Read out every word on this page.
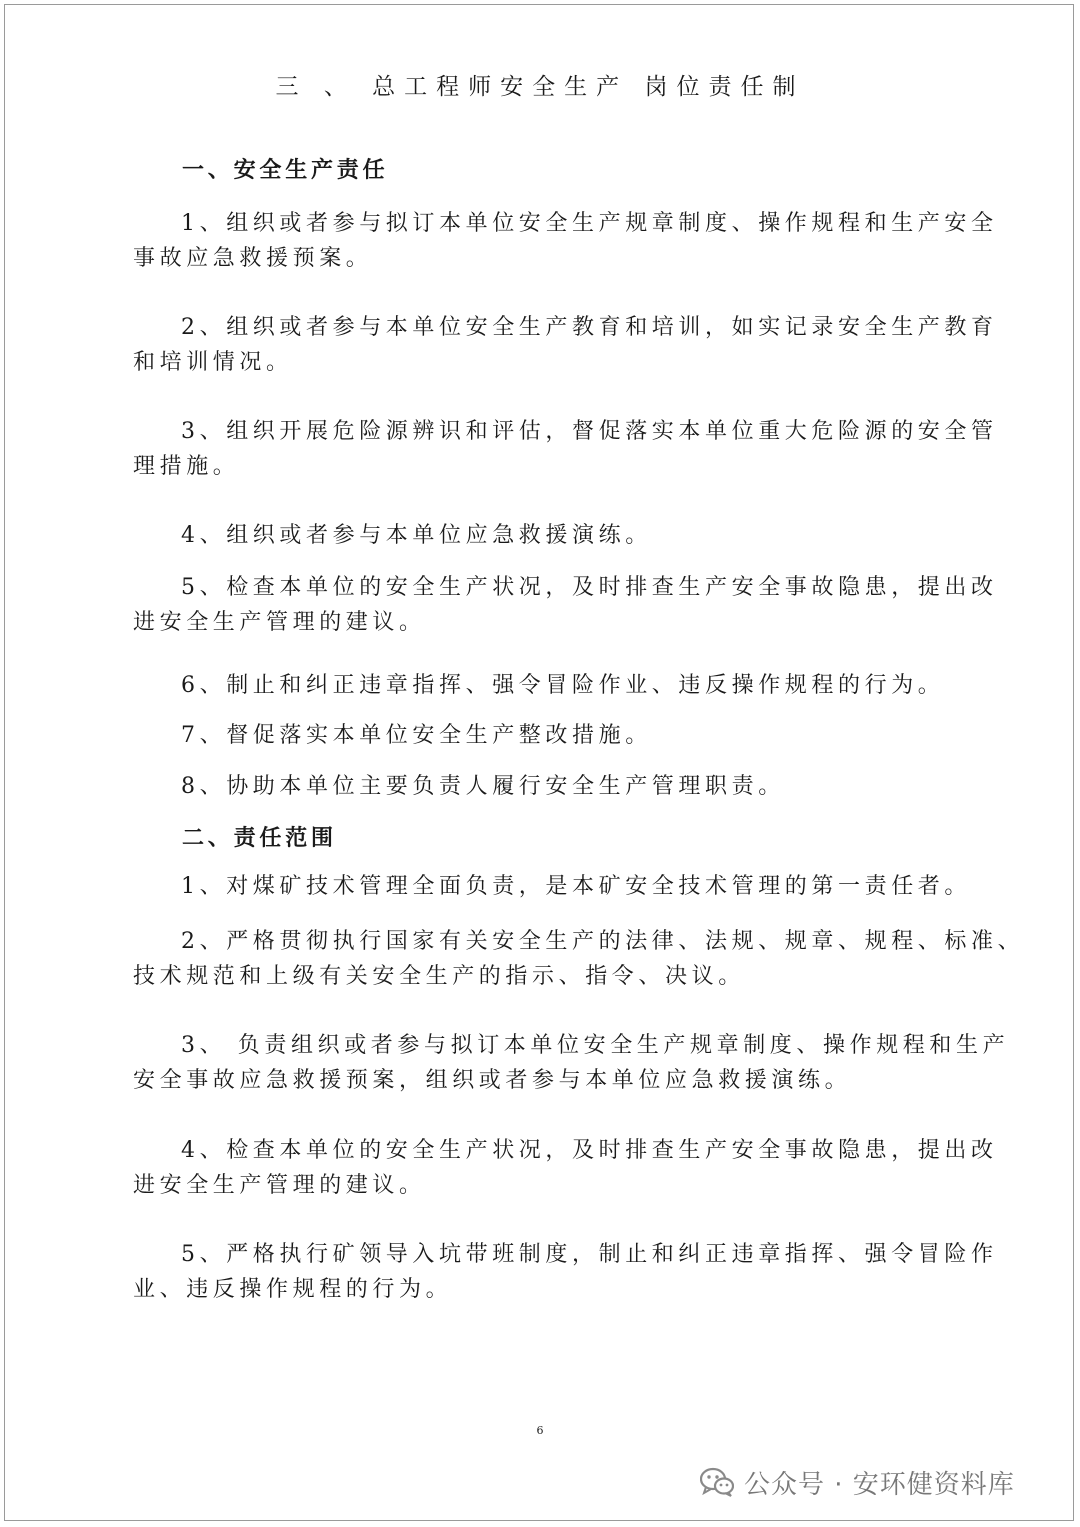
三 、 总工程师安全生产 岗位责任制
一、安全生产责任
1、组织或者参与拟订本单位安全生产规章制度、操作规程和生产安全
事故应急救援预案。
2、组织或者参与本单位安全生产教育和培训，如实记录安全生产教育
和培训情况。
3、组织开展危险源辨识和评估，督促落实本单位重大危险源的安全管
理措施。
4、组织或者参与本单位应急救援演练。
5、检查本单位的安全生产状况，及时排查生产安全事故隐患，提出改
进安全生产管理的建议。
6、制止和纠正违章指挥、强令冒险作业、违反操作规程的行为。
7、督促落实本单位安全生产整改措施。
8、协助本单位主要负责人履行安全生产管理职责。
二、责任范围
1、对煤矿技术管理全面负责，是本矿安全技术管理的第一责任者。
2、严格贯彻执行国家有关安全生产的法律、法规、规章、规程、标准、
技术规范和上级有关安全生产的指示、指令、决议。
3、 负责组织或者参与拟订本单位安全生产规章制度、操作规程和生产
安全事故应急救援预案，组织或者参与本单位应急救援演练。
4、检查本单位的安全生产状况，及时排查生产安全事故隐患，提出改
进安全生产管理的建议。
5、严格执行矿领导入坑带班制度，制止和纠正违章指挥、强令冒险作
业、违反操作规程的行为。
6
公众号 · 安环健资料库
